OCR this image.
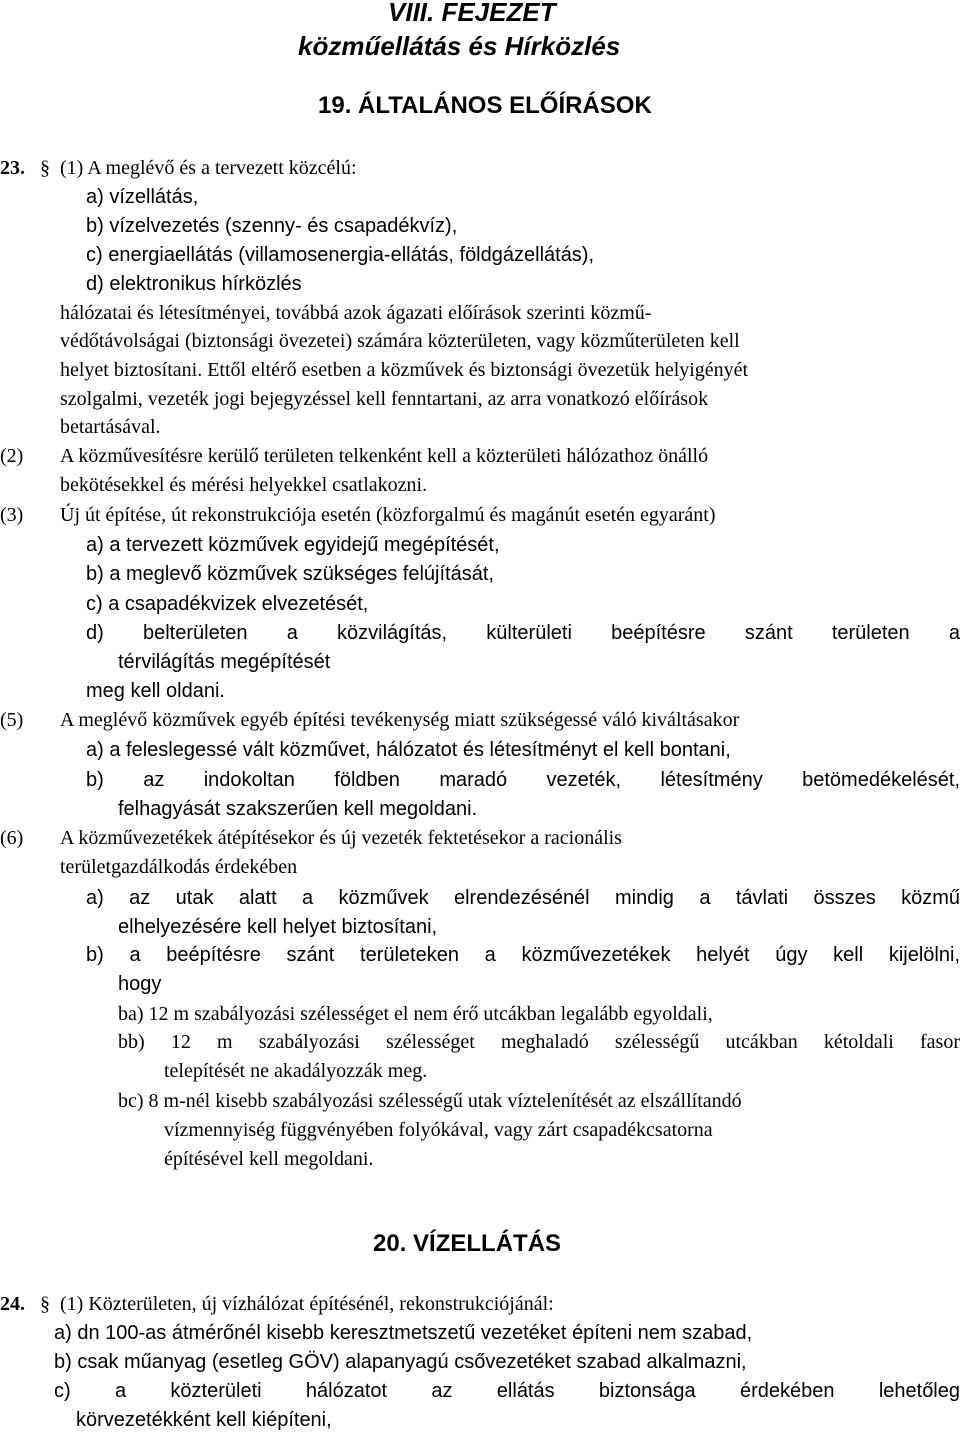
VIII. FEJEZET
közműellátás és Hírközlés
19. ÁLTALÁNOS ELŐÍRÁSOK
23. § (1) A meglévő és a tervezett közcélú:
a) vízellátás,
b) vízelvezetés (szenny- és csapadékvíz),
c) energiaellátás (villamosenergia-ellátás, földgázellátás),
d) elektronikus hírközlés
hálózatai és létesítményei, továbbá azok ágazati előírások szerinti közmű-
védőtávolságai (biztonsági övezetei) számára közterületen, vagy közműterületen kell
helyet biztosítani. Ettől eltérő esetben a közművek és biztonsági övezetük helyigényét
szolgalmi, vezeték jogi bejegyzéssel kell fenntartani, az arra vonatkozó előírások
betartásával.
(2) A közművesítésre kerülő területen telkenként kell a közterületi hálózathoz önálló
bekötésekkel és mérési helyekkel csatlakozni.
(3) Új út építése, út rekonstrukciója esetén (közforgalmú és magánút esetén egyaránt)
a) a tervezett közművek egyidejű megépítését,
b) a meglevő közművek szükséges felújítását,
c) a csapadékvizek elvezetését,
d) belterületen a közvilágítás, külterületi beépítésre szánt területen a
térvilágítás megépítését
meg kell oldani.
(5) A meglévő közművek egyéb építési tevékenység miatt szükségessé váló kiváltásakor
a) a feleslegessé vált közművet, hálózatot és létesítményt el kell bontani,
b) az indokoltan földben maradó vezeték, létesítmény betömedékelését,
felhagyását szakszerűen kell megoldani.
(6) A közművezetékek átépítésekor és új vezeték fektetésekor a racionális
területgazdálkodás érdekében
a) az utak alatt a közművek elrendezésénél mindig a távlati összes közmű
elhelyezésére kell helyet biztosítani,
b) a beépítésre szánt területeken a közművezetékek helyét úgy kell kijelölni,
hogy
ba) 12 m szabályozási szélességet el nem érő utcákban legalább egyoldali,
bb) 12 m szabályozási szélességet meghaladó szélességű utcákban kétoldali fasor
telepítését ne akadályozzák meg.
bc) 8 m-nél kisebb szabályozási szélességű utak víztelenítését az elszállítandó
vízmennyiség függvényében folyókával, vagy zárt csapadékcsatorna
építésével kell megoldani.
20. VÍZELLÁTÁS
24. § (1) Közterületen, új vízhálózat építésénél, rekonstrukciójánál:
a) dn 100-as átmérőnél kisebb keresztmetszetű vezetéket építeni nem szabad,
b) csak műanyag (esetleg GÖV) alapanyagú csővezetéket szabad alkalmazni,
c) a közterületi hálózatot az ellátás biztonsága érdekében lehetőleg
körvezetékként kell kiépíteni,
